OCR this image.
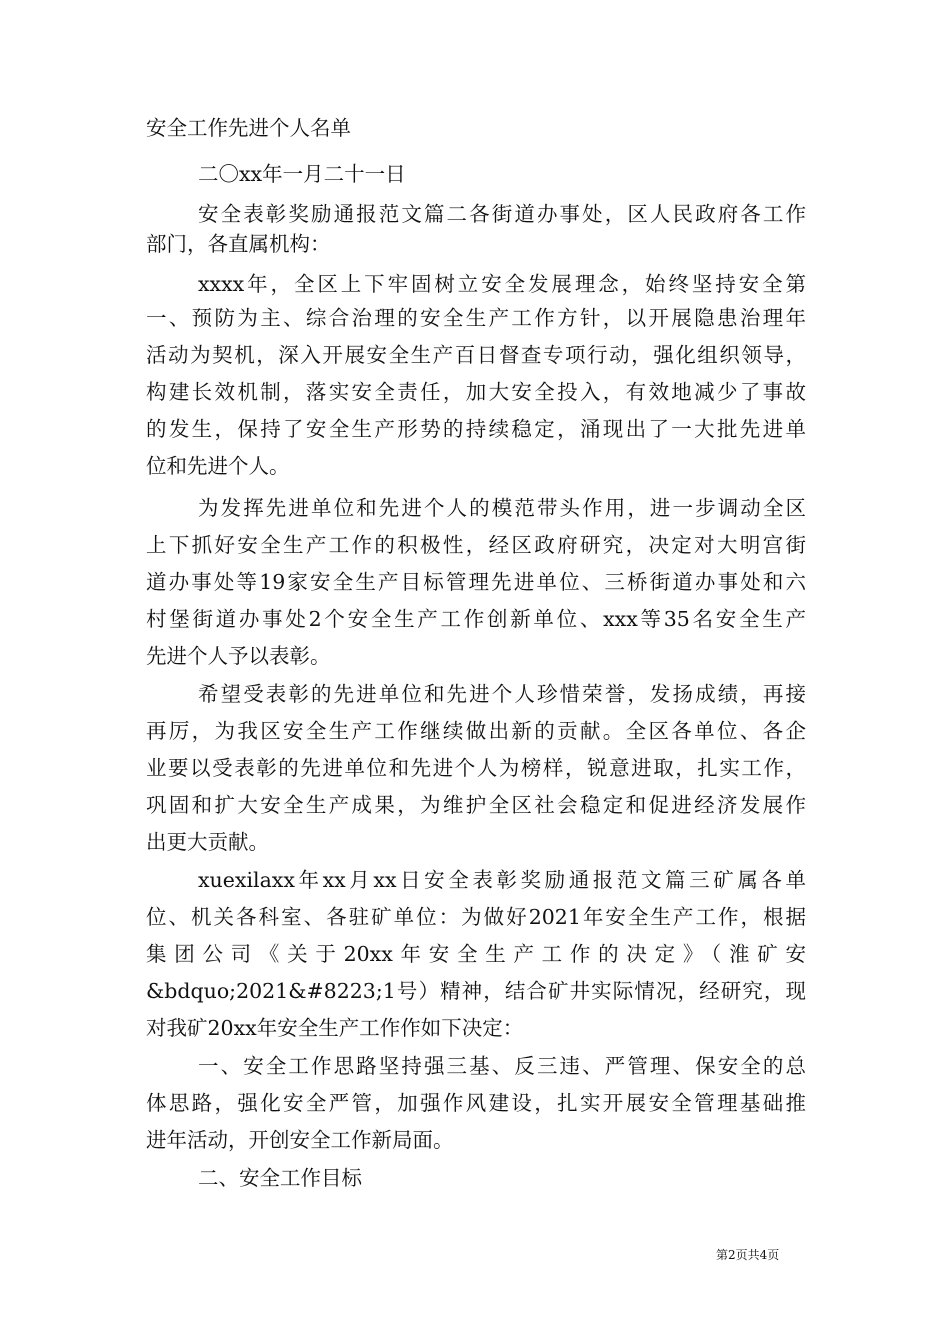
安全工作先进个人名单
二〇xx年一月二十一日
安全表彰奖励通报范文篇二各街道办事处，区人民政府各工作
部门，各直属机构：
xxxx年，全区上下牢固树立安全发展理念，始终坚持安全第
一、预防为主、综合治理的安全生产工作方针，以开展隐患治理年
活动为契机，深入开展安全生产百日督查专项行动，强化组织领导，
构建长效机制，落实安全责任，加大安全投入，有效地减少了事故
的发生，保持了安全生产形势的持续稳定，涌现出了一大批先进单
位和先进个人。
为发挥先进单位和先进个人的模范带头作用，进一步调动全区
上下抓好安全生产工作的积极性，经区政府研究，决定对大明宫街
道办事处等19家安全生产目标管理先进单位、三桥街道办事处和六
村堡街道办事处2个安全生产工作创新单位、xxx等35名安全生产
先进个人予以表彰。
希望受表彰的先进单位和先进个人珍惜荣誉，发扬成绩，再接
再厉，为我区安全生产工作继续做出新的贡献。全区各单位、各企
业要以受表彰的先进单位和先进个人为榜样，锐意进取，扎实工作，
巩固和扩大安全生产成果，为维护全区社会稳定和促进经济发展作
出更大贡献。
xuexilaxx年xx月xx日安全表彰奖励通报范文篇三矿属各单
位、机关各科室、各驻矿单位：为做好2021年安全生产工作，根据
集团公司《关于20xx年安全生产工作的决定》（淮矿安
&bdquo;2021&#8223;1号）精神，结合矿井实际情况，经研究，现
对我矿20xx年安全生产工作作如下决定：
一、安全工作思路坚持强三基、反三违、严管理、保安全的总
体思路，强化安全严管，加强作风建设，扎实开展安全管理基础推
进年活动，开创安全工作新局面。
二、安全工作目标
第2页共4页
